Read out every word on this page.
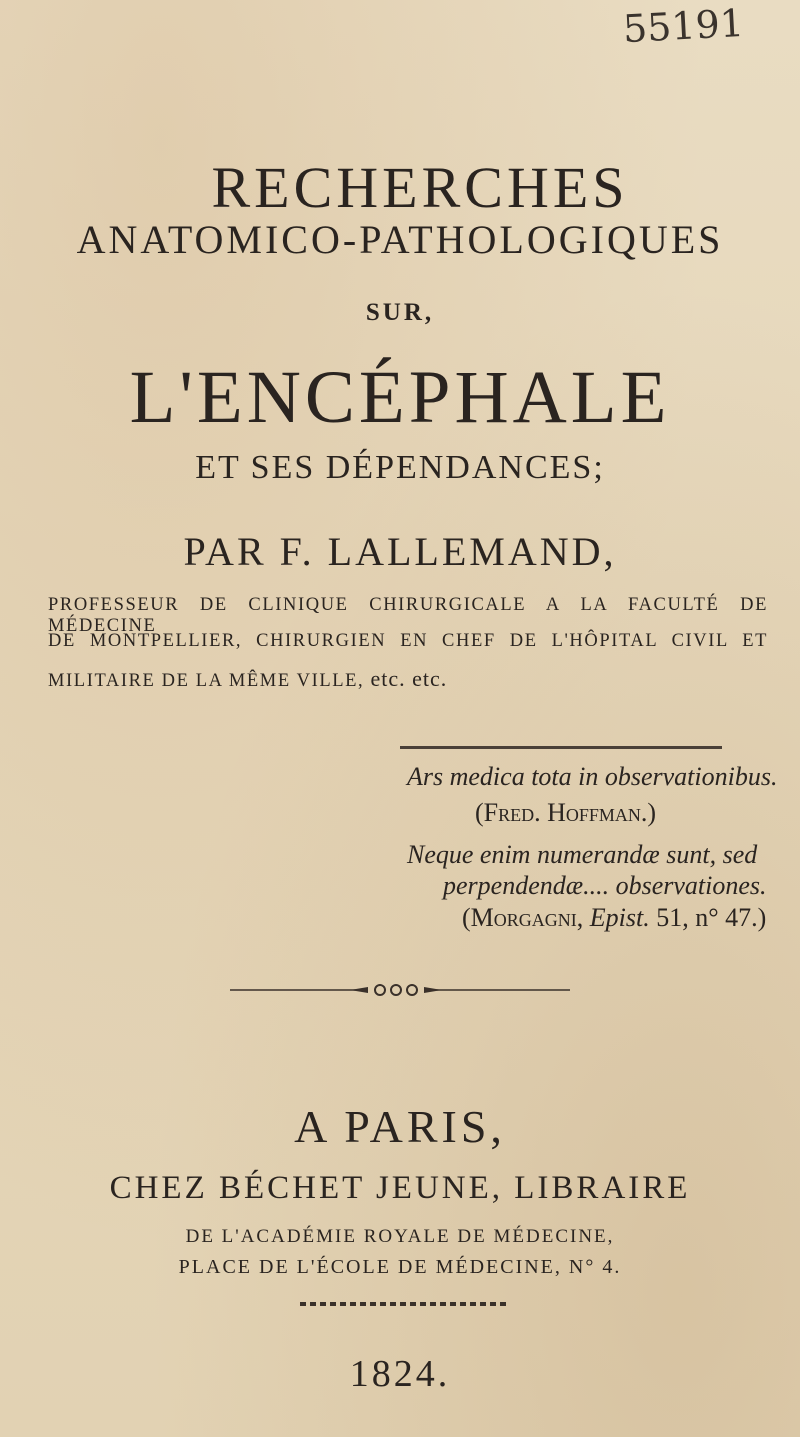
55191
RECHERCHES
ANATOMICO-PATHOLOGIQUES
SUR,
L'ENCÉPHALE
ET SES DÉPENDANCES;
PAR F. LALLEMAND,
PROFESSEUR DE CLINIQUE CHIRURGICALE A LA FACULTÉ DE MÉDECINE
DE MONTPELLIER, CHIRURGIEN EN CHEF DE L'HÔPITAL CIVIL ET
MILITAIRE DE LA MÊME VILLE, etc. etc.
Ars medica tota in observationibus.
(Fred. Hoffman.)
Neque enim numerandæ sunt, sed
perpendendæ.... observationes.
(Morgagni, Epist. 51, n° 47.)
A PARIS,
CHEZ BÉCHET JEUNE, LIBRAIRE
DE L'ACADÉMIE ROYALE DE MÉDECINE,
PLACE DE L'ÉCOLE DE MÉDECINE, N° 4.
1824.
